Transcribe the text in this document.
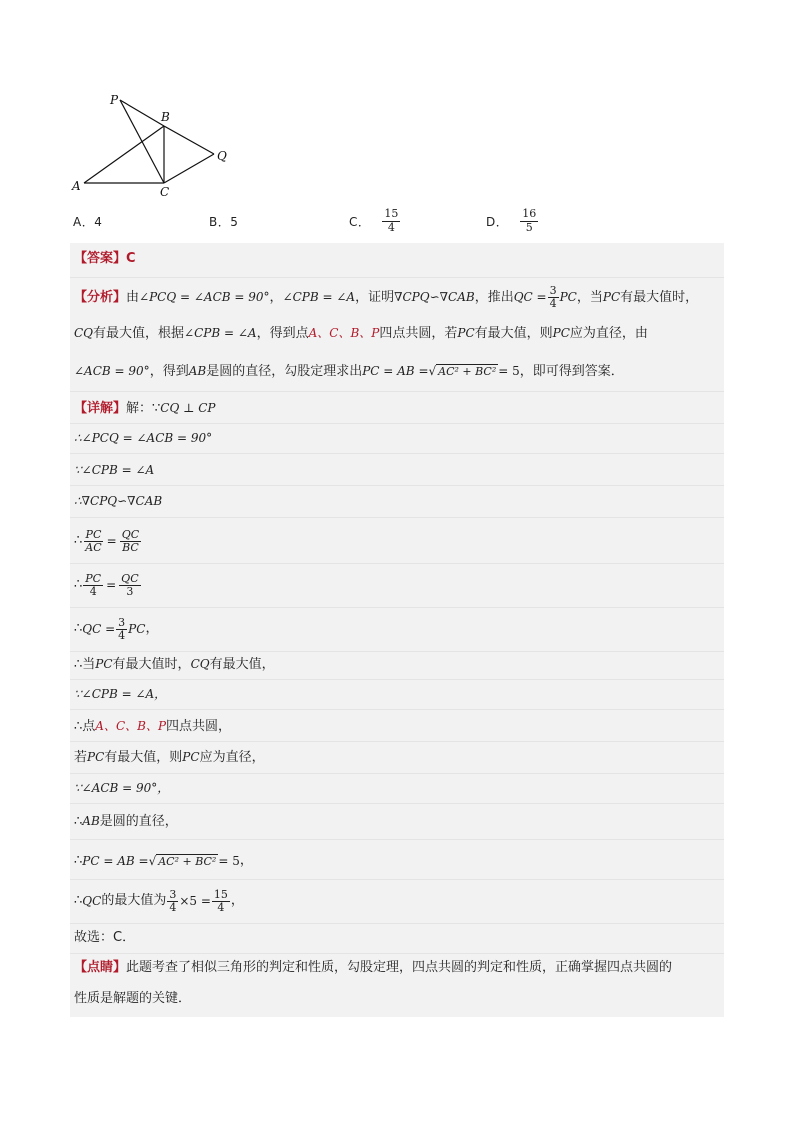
P
B
Q
A	C
A．4	B．5	C． $\frac{15}{4}$	D． $\frac{16}{5}$
【答案】C
【分析】由∠PCQ = ∠ACB = 90°，∠CPB = ∠A，证明∇CPQ∽∇CAB，推出QC = $\frac{3}{4}$ PC，当PC有最大值时，
CQ有最大值，根据∠CPB = ∠A，得到点A、C、B、P四点共圆，若PC有最大值，则PC应为直径，由
∠ACB = 90°，得到AB是圆的直径，勾股定理求出PC = AB =√ AC² + BC² = 5，即可得到答案．
【详解】解：∵CQ ⊥ CP
∴∠PCQ = ∠ACB = 90°
∵∠CPB = ∠A
∴∇CPQ∽∇CAB
∴ $\frac{PC}{AC} = \frac{QC}{BC}$
∴ $\frac{PC}{4} = \frac{QC}{3}$
∴ QC = $\frac{3}{4}$ PC ，
∴当PC有最大值时，CQ有最大值，
∵∠CPB = ∠A，
∴点A、C、B、P四点共圆，
若PC有最大值，则PC应为直径，
∵∠ACB = 90°，
∴AB是圆的直径，
∴ PC = AB = √ AC² + BC² = 5 ，
∴ QC 的最大值为 $\frac{3}{4} \times 5 = \frac{15}{4}$ ，
故选：C．
【点睛】此题考查了相似三角形的判定和性质，勾股定理，四点共圆的判定和性质，正确掌握四点共圆的
性质是解题的关键．
